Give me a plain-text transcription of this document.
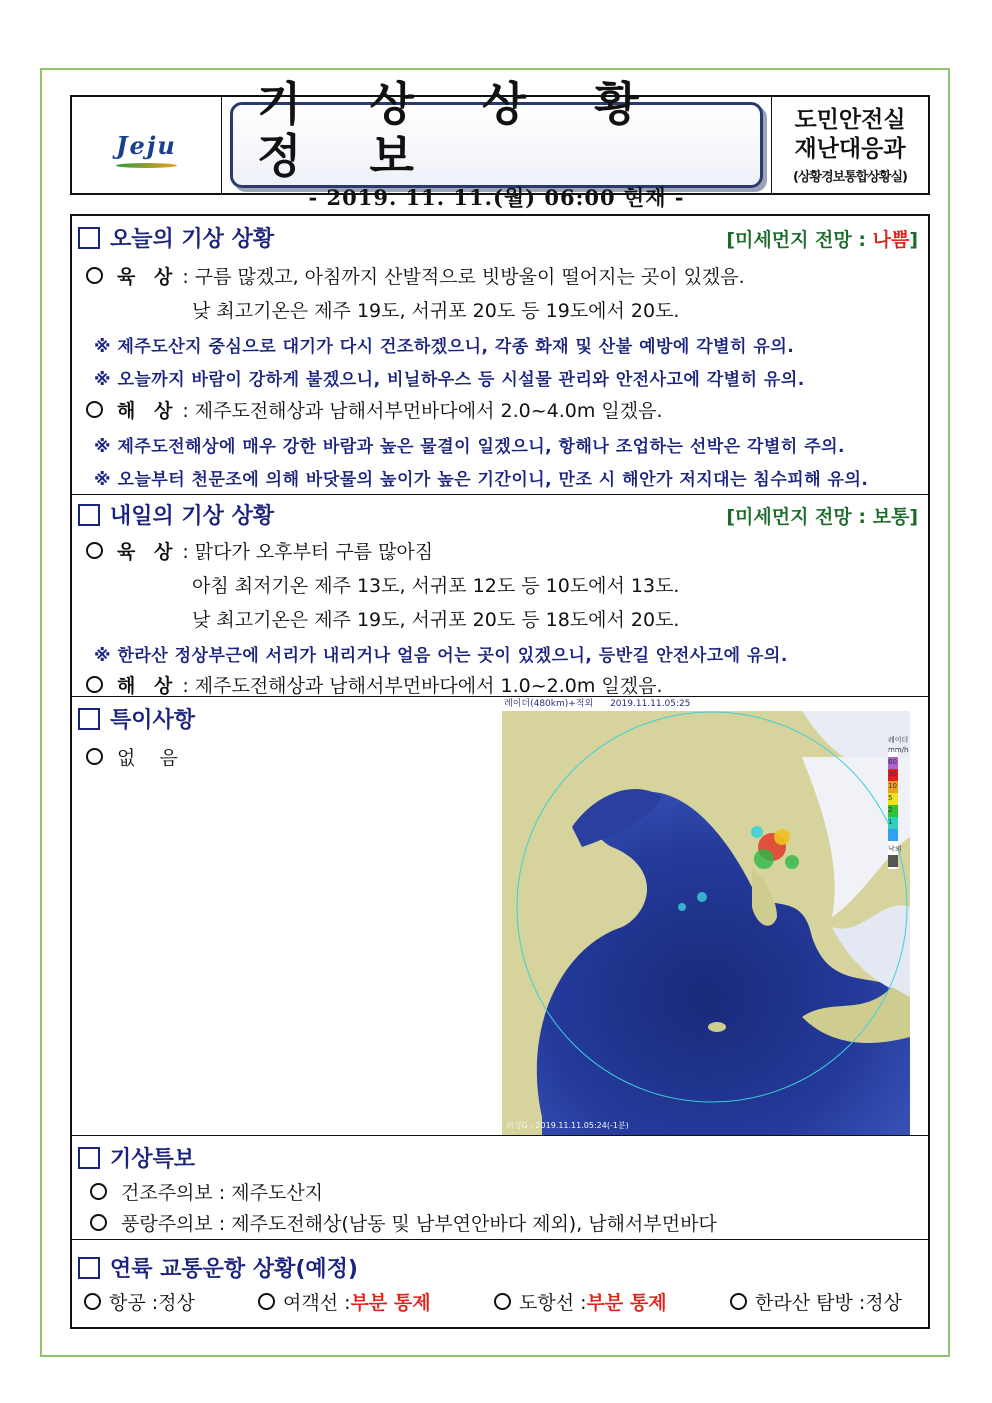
Jeju
기 상 상 황 정 보
- 2019. 11. 11.(월) 06:00 현재 -
도민안전실
재난대응과
(상황경보통합상황실)
오늘의 기상 상황	[미세먼지 전망 : 나쁨]
육 상 : 구름 많겠고, 아침까지 산발적으로 빗방울이 떨어지는 곳이 있겠음.
낮 최고기온은 제주 19도, 서귀포 20도 등 19도에서 20도.
※ 제주도산지 중심으로 대기가 다시 건조하겠으니, 각종 화재 및 산불 예방에 각별히 유의.
※ 오늘까지 바람이 강하게 불겠으니, 비닐하우스 등 시설물 관리와 안전사고에 각별히 유의.
해 상 : 제주도전해상과 남해서부먼바다에서 2.0~4.0m 일겠음.
※ 제주도전해상에 매우 강한 바람과 높은 물결이 일겠으니, 항해나 조업하는 선박은 각별히 주의.
※ 오늘부터 천문조에 의해 바닷물의 높이가 높은 기간이니, 만조 시 해안가 저지대는 침수피해 유의.
내일의 기상 상황	[미세먼지 전망 : 보통]
육 상 : 맑다가 오후부터 구름 많아짐
아침 최저기온 제주 13도, 서귀포 12도 등 10도에서 13도.
낮 최고기온은 제주 19도, 서귀포 20도 등 18도에서 20도.
※ 한라산 정상부근에 서리가 내리거나 얼음 어는 곳이 있겠으니, 등반길 안전사고에 유의.
해 상 : 제주도전해상과 남해서부먼바다에서 1.0~2.0m 일겠음.
특이사항
없    음
레이더(480km)+적외 2019.11.11.05:25
레이더
mm/h
60
30
10
5
2
1
낙뢰
위성G : 2019.11.11.05:24(-1분)
기상특보
건조주의보 : 제주도산지
풍랑주의보 : 제주도전해상(남동 및 남부연안바다 제외), 남해서부먼바다
연륙 교통운항 상황(예정)
항공 : 정상	여객선 : 부분 통제	도항선 : 부분 통제	한라산 탐방 : 정상
